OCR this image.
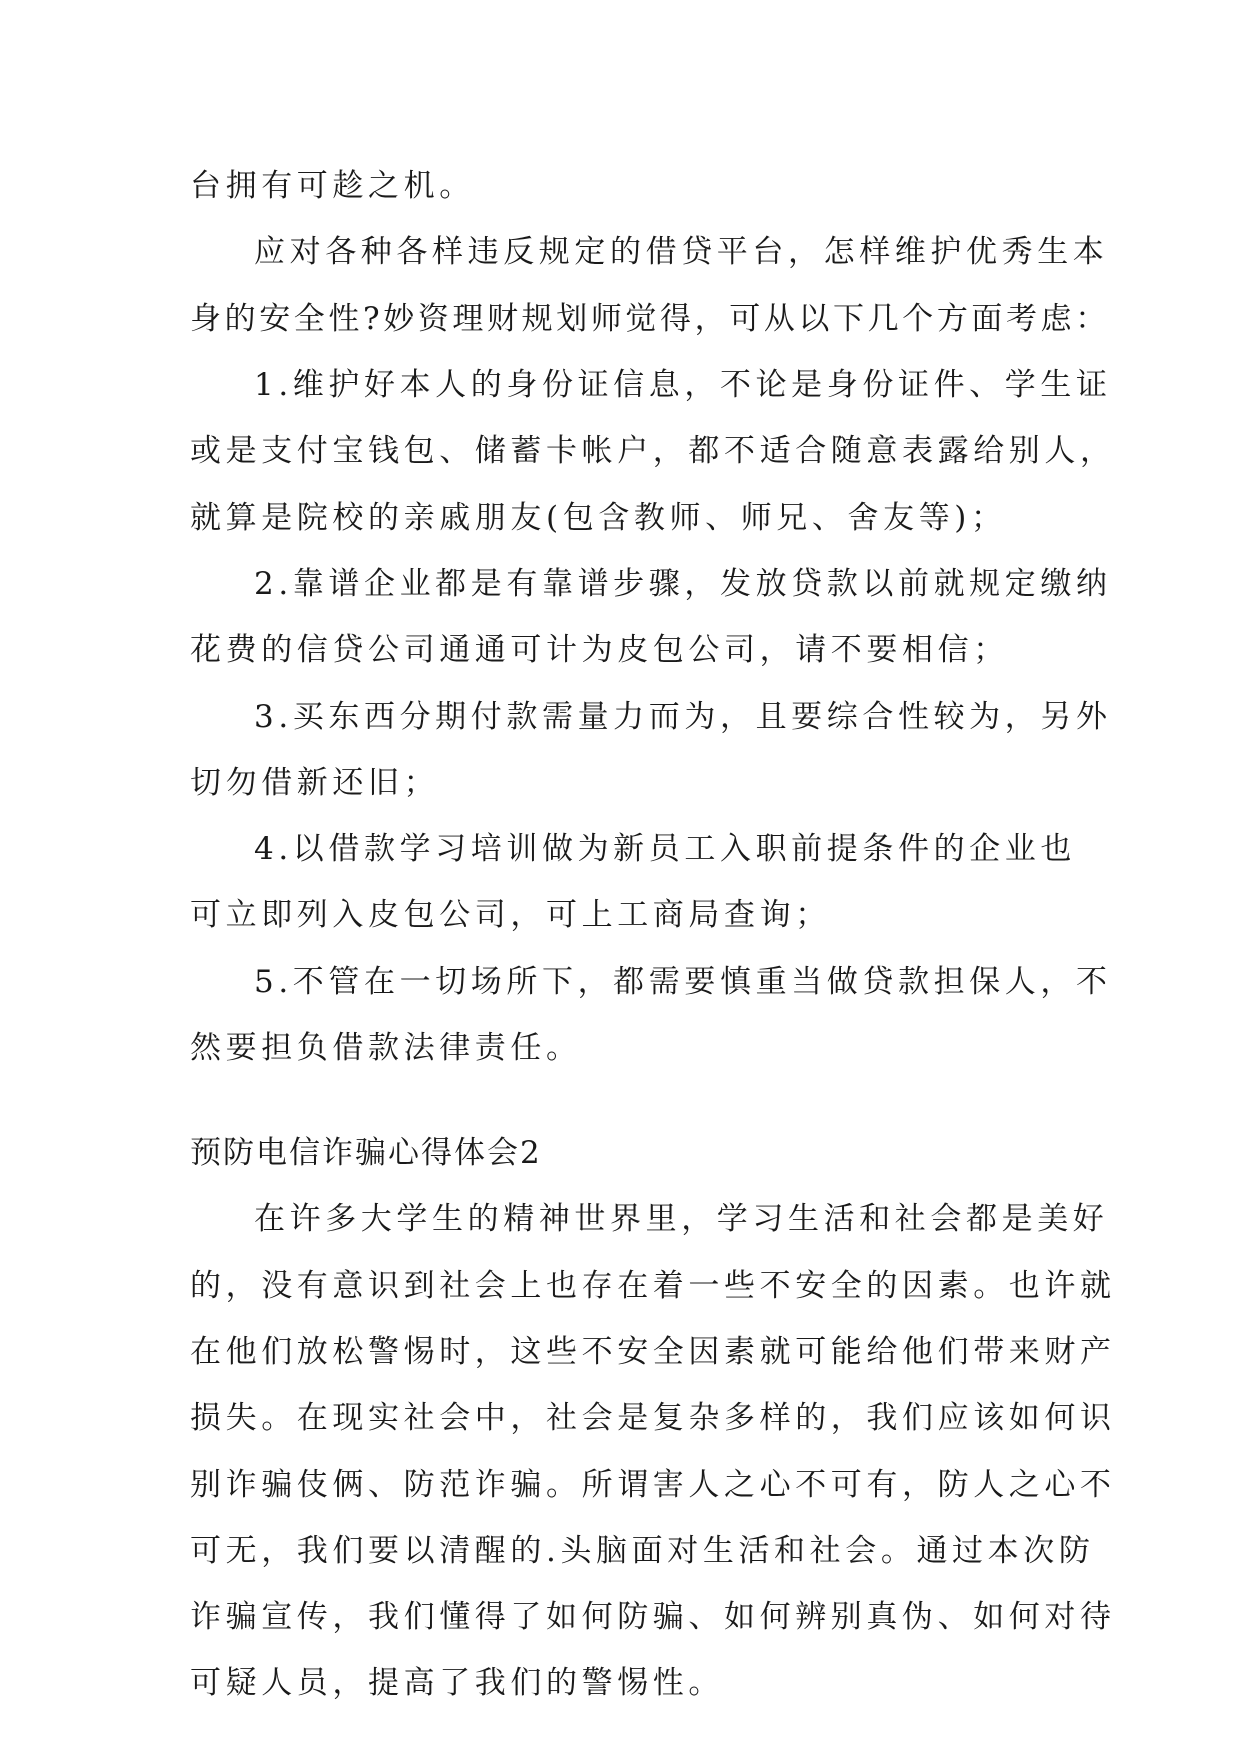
台拥有可趁之机。
应对各种各样违反规定的借贷平台，怎样维护优秀生本
身的安全性?妙资理财规划师觉得，可从以下几个方面考虑：
1.维护好本人的身份证信息，不论是身份证件、学生证
或是支付宝钱包、储蓄卡帐户，都不适合随意表露给别人，
就算是院校的亲戚朋友(包含教师、师兄、舍友等)；
2.靠谱企业都是有靠谱步骤，发放贷款以前就规定缴纳
花费的信贷公司通通可计为皮包公司，请不要相信；
3.买东西分期付款需量力而为，且要综合性较为，另外
切勿借新还旧；
4.以借款学习培训做为新员工入职前提条件的企业也
可立即列入皮包公司，可上工商局查询；
5.不管在一切场所下，都需要慎重当做贷款担保人，不
然要担负借款法律责任。
预防电信诈骗心得体会2
在许多大学生的精神世界里，学习生活和社会都是美好
的，没有意识到社会上也存在着一些不安全的因素。也许就
在他们放松警惕时，这些不安全因素就可能给他们带来财产
损失。在现实社会中，社会是复杂多样的，我们应该如何识
别诈骗伎俩、防范诈骗。所谓害人之心不可有，防人之心不
可无，我们要以清醒的.头脑面对生活和社会。通过本次防
诈骗宣传，我们懂得了如何防骗、如何辨别真伪、如何对待
可疑人员，提高了我们的警惕性。
